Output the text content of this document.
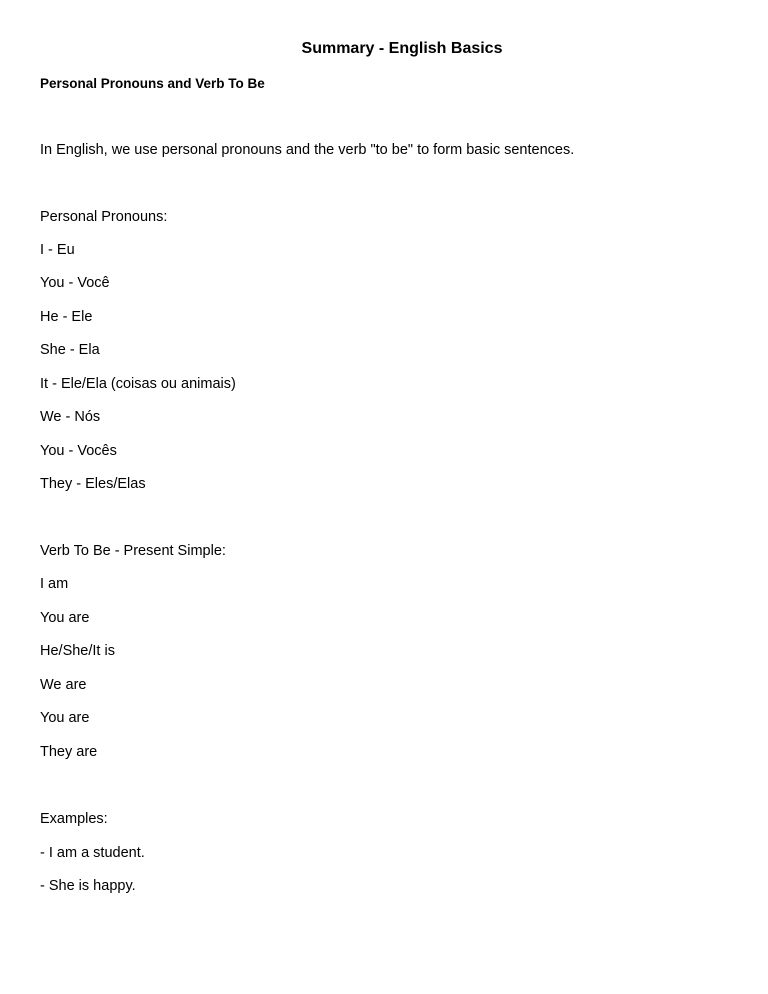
Summary - English Basics
Personal Pronouns and Verb To Be
In English, we use personal pronouns and the verb "to be" to form basic sentences.
Personal Pronouns:
I - Eu
You - Você
He - Ele
She - Ela
It - Ele/Ela (coisas ou animais)
We - Nós
You - Vocês
They - Eles/Elas
Verb To Be - Present Simple:
I am
You are
He/She/It is
We are
You are
They are
Examples:
- I am a student.
- She is happy.
